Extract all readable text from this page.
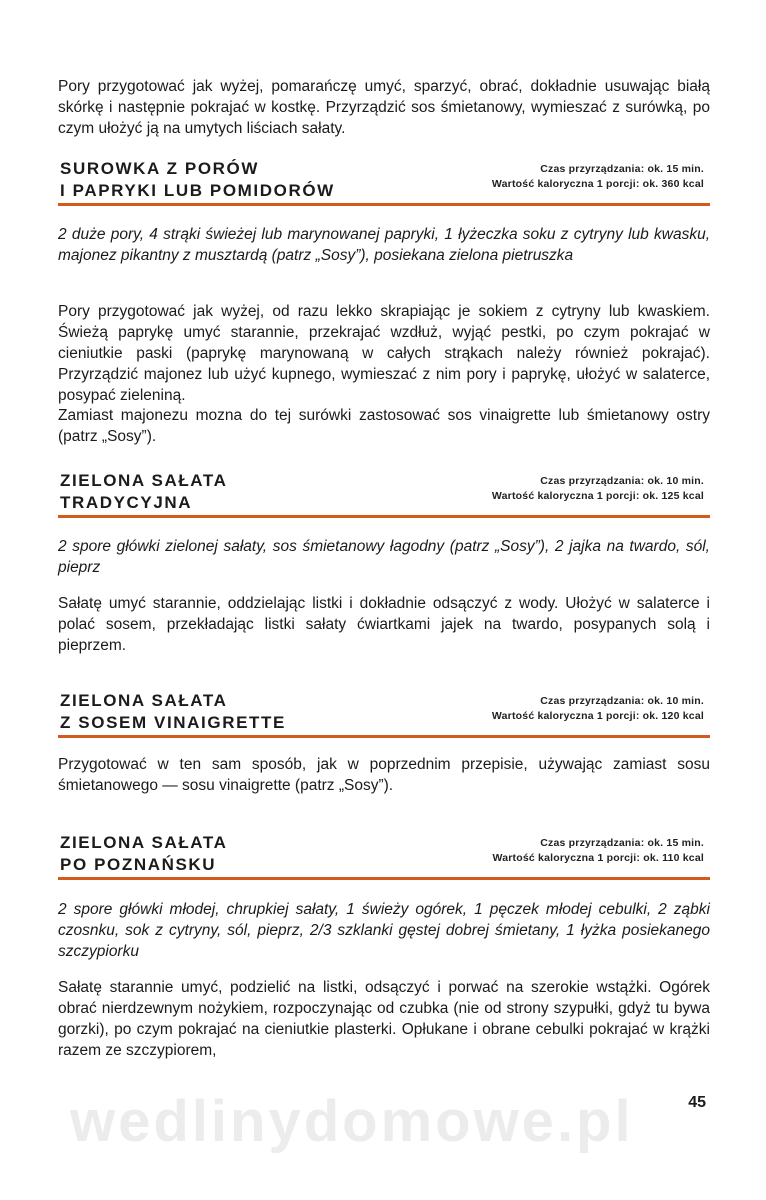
wedlinydomowe.pl

Pory przygotować jak wyżej, pomarańczę umyć, sparzyć, obrać, dokładnie usuwając białą skórkę i następnie pokrajać w kostkę. Przyrządzić sos śmietanowy, wymieszać z surówką, po czym ułożyć ją na umytych liściach sałaty.

SUROWKA Z PORÓW
I PAPRYKI LUB POMIDORÓW
Czas przyrządzania: ok. 15 min.
Wartość kaloryczna 1 porcji: ok. 360 kcal

2 duże pory, 4 strąki świeżej lub marynowanej papryki, 1 łyżeczka soku z cytryny lub kwasku, majonez pikantny z musztardą (patrz „Sosy”), posiekana zielona pietruszka

Pory przygotować jak wyżej, od razu lekko skrapiając je sokiem z cytryny lub kwaskiem. Świeżą paprykę umyć starannie, przekrajać wzdłuż, wyjąć pestki, po czym pokrajać w cieniutkie paski (paprykę marynowaną w całych strąkach należy również pokrajać). Przyrządzić majonez lub użyć kupnego, wymieszać z nim pory i paprykę, ułożyć w salaterce, posypać zieleniną.

Zamiast majonezu mozna do tej surówki zastosować sos vinaigrette lub śmietanowy ostry (patrz „Sosy”).

ZIELONA SAŁATA
TRADYCYJNA
Czas przyrządzania: ok. 10 min.
Wartość kaloryczna 1 porcji: ok. 125 kcal

2 spore główki zielonej sałaty, sos śmietanowy łagodny (patrz „Sosy”), 2 jajka na twardo, sól, pieprz

Sałatę umyć starannie, oddzielając listki i dokładnie odsączyć z wody. Ułożyć w salaterce i polać sosem, przekładając listki sałaty ćwiartkami jajek na twardo, posypanych solą i pieprzem.

ZIELONA SAŁATA
Z SOSEM VINAIGRETTE
Czas przyrządzania: ok. 10 min.
Wartość kaloryczna 1 porcji: ok. 120 kcal

Przygotować w ten sam sposób, jak w poprzednim przepisie, używając zamiast sosu śmietanowego — sosu vinaigrette (patrz „Sosy”).

ZIELONA SAŁATA
PO POZNAŃSKU
Czas przyrządzania: ok. 15 min.
Wartość kaloryczna 1 porcji: ok. 110 kcal

2 spore główki młodej, chrupkiej sałaty, 1 świeży ogórek, 1 pęczek młodej cebulki, 2 ząbki czosnku, sok z cytryny, sól, pieprz, 2/3 szklanki gęstej dobrej śmietany, 1 łyżka posiekanego szczypiorku

Sałatę starannie umyć, podzielić na listki, odsączyć i porwać na szerokie wstążki. Ogórek obrać nierdzewnym nożykiem, rozpoczynając od czubka (nie od strony szypułki, gdyż tu bywa gorzki), po czym pokrajać na cieniutkie plasterki. Opłukane i obrane cebulki pokrajać w krążki razem ze szczypiorem,

45
